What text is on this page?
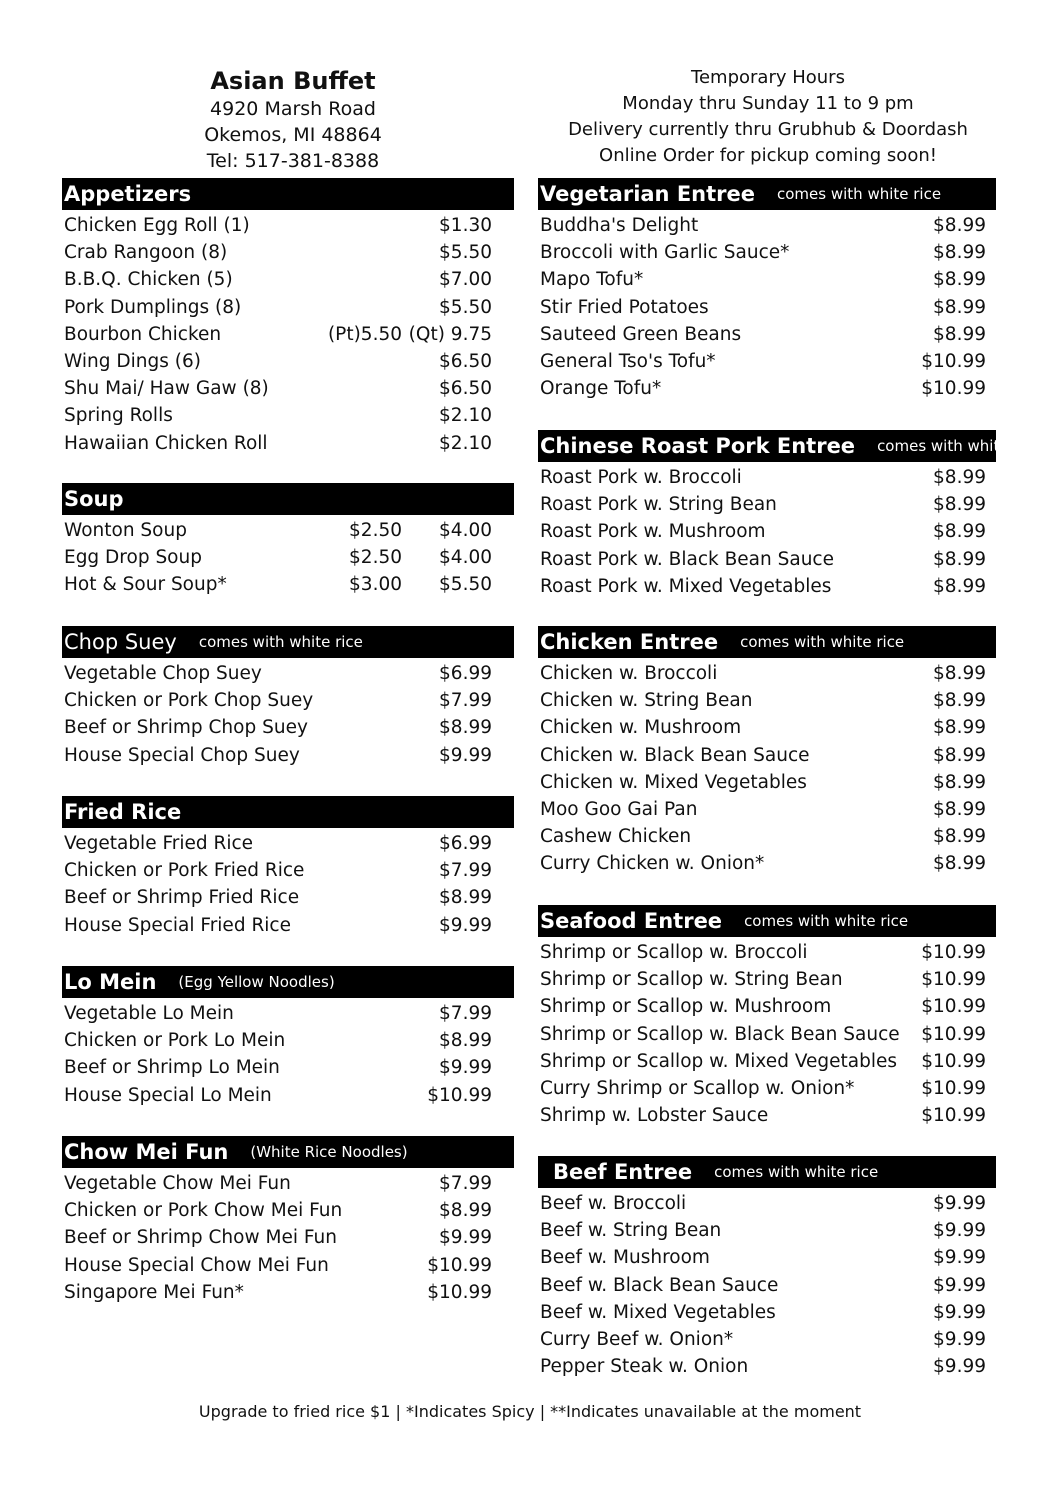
Asian Buffet
4920 Marsh Road
Okemos, MI 48864
Tel: 517-381-8388
Temporary Hours
Monday thru Sunday 11 to 9 pm
Delivery currently thru Grubhub & Doordash
Online Order for pickup coming soon!
Appetizers
Chicken Egg Roll (1)	$1.30
Crab Rangoon (8)	$5.50
B.B.Q. Chicken (5)	$7.00
Pork Dumplings (8)	$5.50
Bourbon Chicken	(Pt)5.50 (Qt) 9.75
Wing Dings (6)	$6.50
Shu Mai/ Haw Gaw (8)	$6.50
Spring Rolls	$2.10
Hawaiian Chicken Roll	$2.10
Soup
Wonton Soup	$2.50 $4.00
Egg Drop Soup	$2.50 $4.00
Hot & Sour Soup*	$3.00 $5.50
Chop Suey comes with white rice
Vegetable Chop Suey	$6.99
Chicken or Pork Chop Suey	$7.99
Beef or Shrimp Chop Suey	$8.99
House Special Chop Suey	$9.99
Fried Rice
Vegetable Fried Rice	$6.99
Chicken or Pork Fried Rice	$7.99
Beef or Shrimp Fried Rice	$8.99
House Special Fried Rice	$9.99
Lo Mein (Egg Yellow Noodles)
Vegetable Lo Mein	$7.99
Chicken or Pork Lo Mein	$8.99
Beef or Shrimp Lo Mein	$9.99
House Special Lo Mein	$10.99
Chow Mei Fun (White Rice Noodles)
Vegetable Chow Mei Fun	$7.99
Chicken or Pork Chow Mei Fun	$8.99
Beef or Shrimp Chow Mei Fun	$9.99
House Special Chow Mei Fun	$10.99
Singapore Mei Fun*	$10.99
Vegetarian Entree comes with white rice
Buddha's Delight	$8.99
Broccoli with Garlic Sauce*	$8.99
Mapo Tofu*	$8.99
Stir Fried Potatoes	$8.99
Sauteed Green Beans	$8.99
General Tso's Tofu*	$10.99
Orange Tofu*	$10.99
Chinese Roast Pork Entree comes with white rice
Roast Pork w. Broccoli	$8.99
Roast Pork w. String Bean	$8.99
Roast Pork w. Mushroom	$8.99
Roast Pork w. Black Bean Sauce	$8.99
Roast Pork w. Mixed Vegetables	$8.99
Chicken Entree comes with white rice
Chicken w. Broccoli	$8.99
Chicken w. String Bean	$8.99
Chicken w. Mushroom	$8.99
Chicken w. Black Bean Sauce	$8.99
Chicken w. Mixed Vegetables	$8.99
Moo Goo Gai Pan	$8.99
Cashew Chicken	$8.99
Curry Chicken w. Onion*	$8.99
Seafood Entree comes with white rice
Shrimp or Scallop w. Broccoli	$10.99
Shrimp or Scallop w. String Bean	$10.99
Shrimp or Scallop w. Mushroom	$10.99
Shrimp or Scallop w. Black Bean Sauce $10.99
Shrimp or Scallop w. Mixed Vegetables $10.99
Curry Shrimp or Scallop w. Onion*	$10.99
Shrimp w. Lobster Sauce	$10.99
Beef Entree comes with white rice
Beef w. Broccoli	$9.99
Beef w. String Bean	$9.99
Beef w. Mushroom	$9.99
Beef w. Black Bean Sauce	$9.99
Beef w. Mixed Vegetables	$9.99
Curry Beef w. Onion*	$9.99
Pepper Steak w. Onion	$9.99
Upgrade to fried rice $1 | *Indicates Spicy | **Indicates unavailable at the moment
